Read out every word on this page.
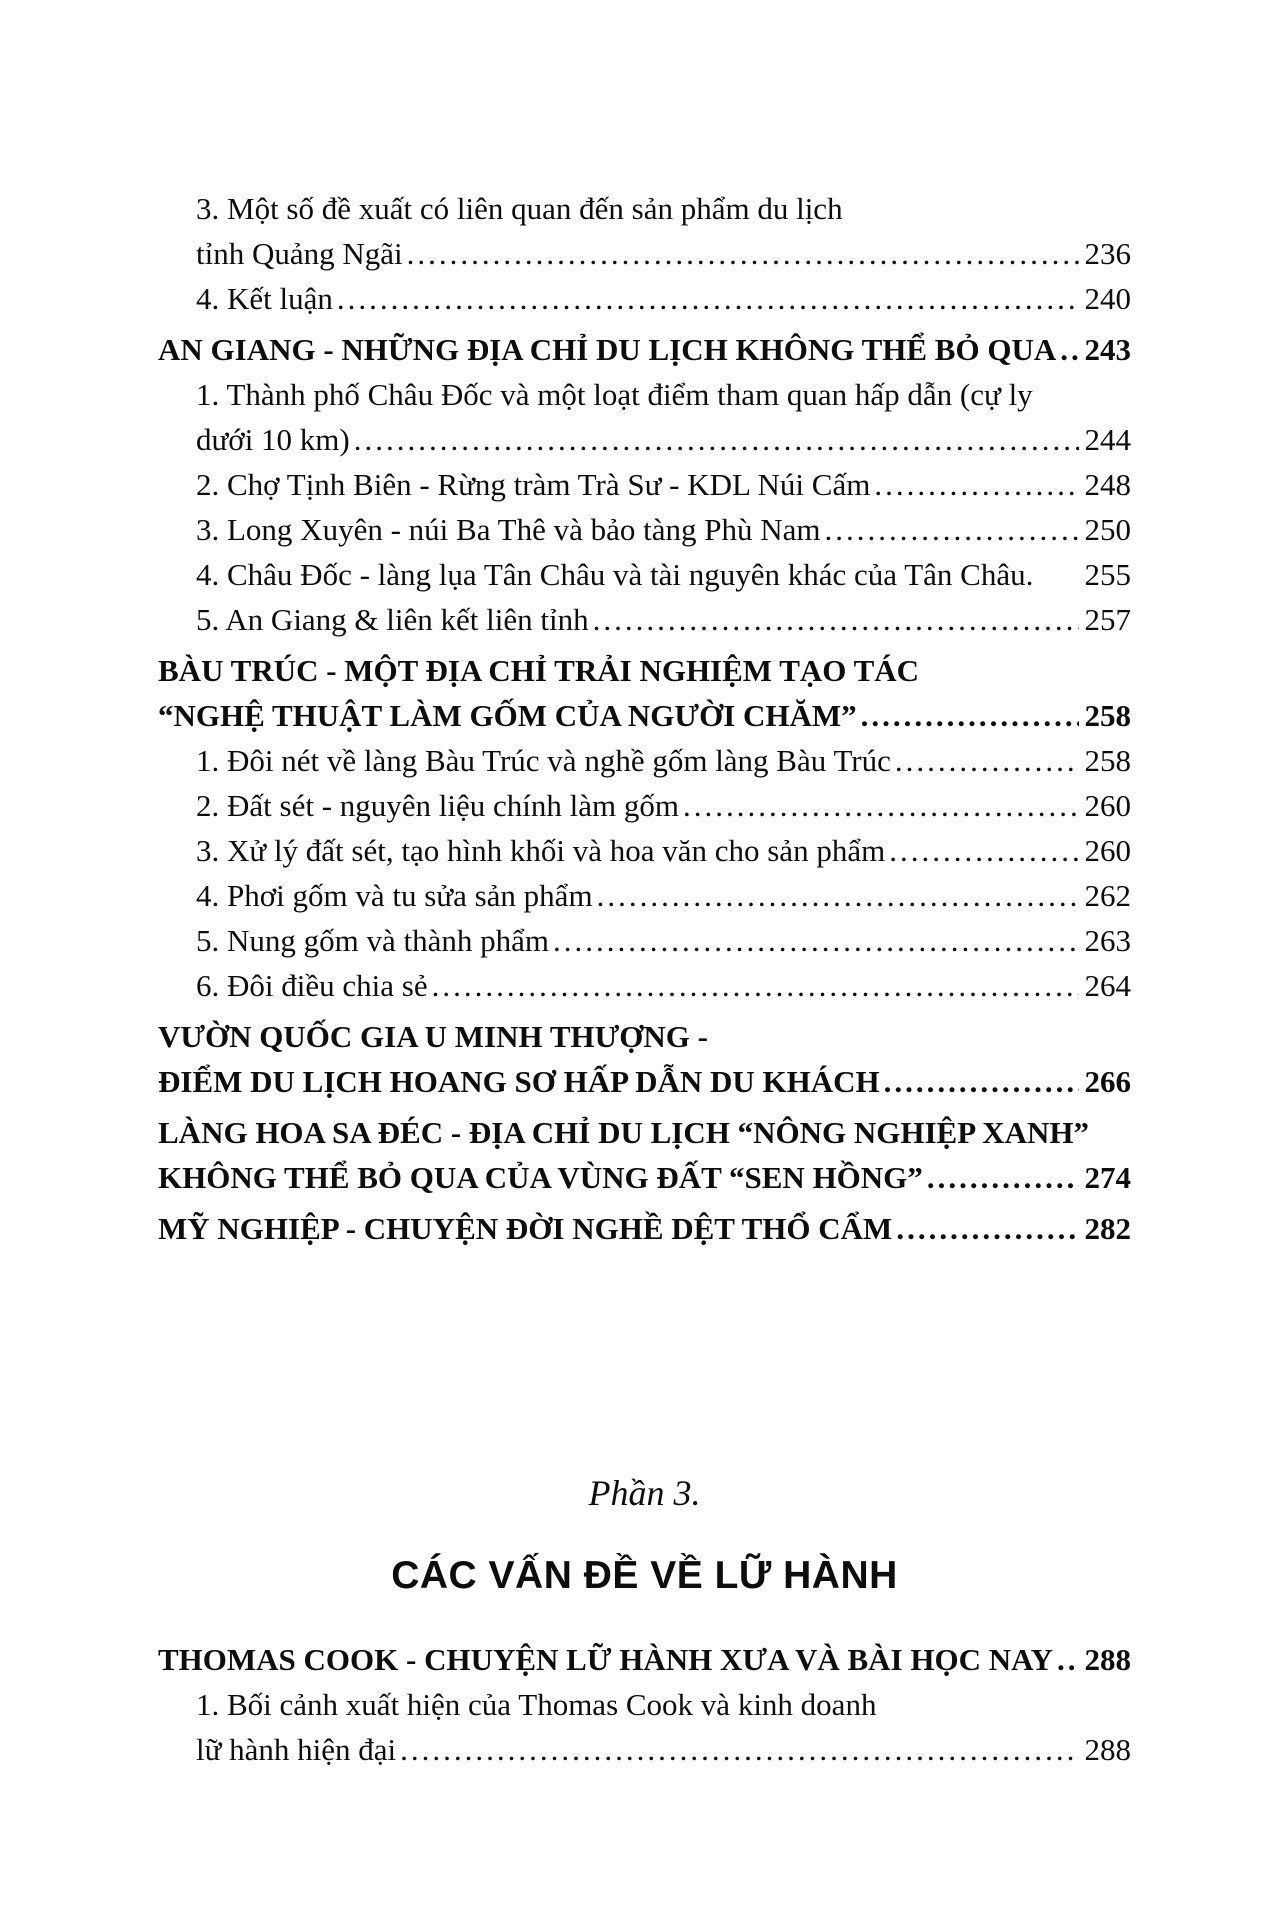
3. Một số đề xuất có liên quan đến sản phẩm du lịch
tỉnh Quảng Ngãi .....	236
4. Kết luận .....	240
AN GIANG - NHỮNG ĐỊA CHỈ DU LỊCH KHÔNG THỂ BỎ QUA ..... 243
1. Thành phố Châu Đốc và một loạt điểm tham quan hấp dẫn (cự ly
dưới 10 km) .....	244
2. Chợ Tịnh Biên - Rừng tràm Trà Sư - KDL Núi Cấm .....	248
3. Long Xuyên - núi Ba Thê và bảo tàng Phù Nam .....	250
4. Châu Đốc - làng lụa Tân Châu và tài nguyên khác của Tân Châu. 255
5. An Giang & liên kết liên tỉnh .....	257
BÀU TRÚC - MỘT ĐỊA CHỈ TRẢI NGHIỆM TẠO TÁC
“NGHỆ THUẬT LÀM GỐM CỦA NGƯỜI CHĂM” .....	258
1. Đôi nét về làng Bàu Trúc và nghề gốm làng Bàu Trúc .....	258
2. Đất sét - nguyên liệu chính làm gốm .....	260
3. Xử lý đất sét, tạo hình khối và hoa văn cho sản phẩm .....	260
4. Phơi gốm và tu sửa sản phẩm .....	262
5. Nung gốm và thành phẩm .....	263
6. Đôi điều chia sẻ .....	264
VƯỜN QUỐC GIA U MINH THƯỢNG -
ĐIỂM DU LỊCH HOANG SƠ HẤP DẪN DU KHÁCH .....	266
LÀNG HOA SA ĐÉC - ĐỊA CHỈ DU LỊCH “NÔNG NGHIỆP XANH”
KHÔNG THỂ BỎ QUA CỦA VÙNG ĐẤT “SEN HỒNG” .....	274
MỸ NGHIỆP - CHUYỆN ĐỜI NGHỀ DỆT THỔ CẨM .....	282
Phần 3.
CÁC VẤN ĐỀ VỀ LỮ HÀNH
THOMAS COOK - CHUYỆN LỮ HÀNH XƯA VÀ BÀI HỌC NAY ..... 288
1. Bối cảnh xuất hiện của Thomas Cook và kinh doanh
lữ hành hiện đại .....	288
